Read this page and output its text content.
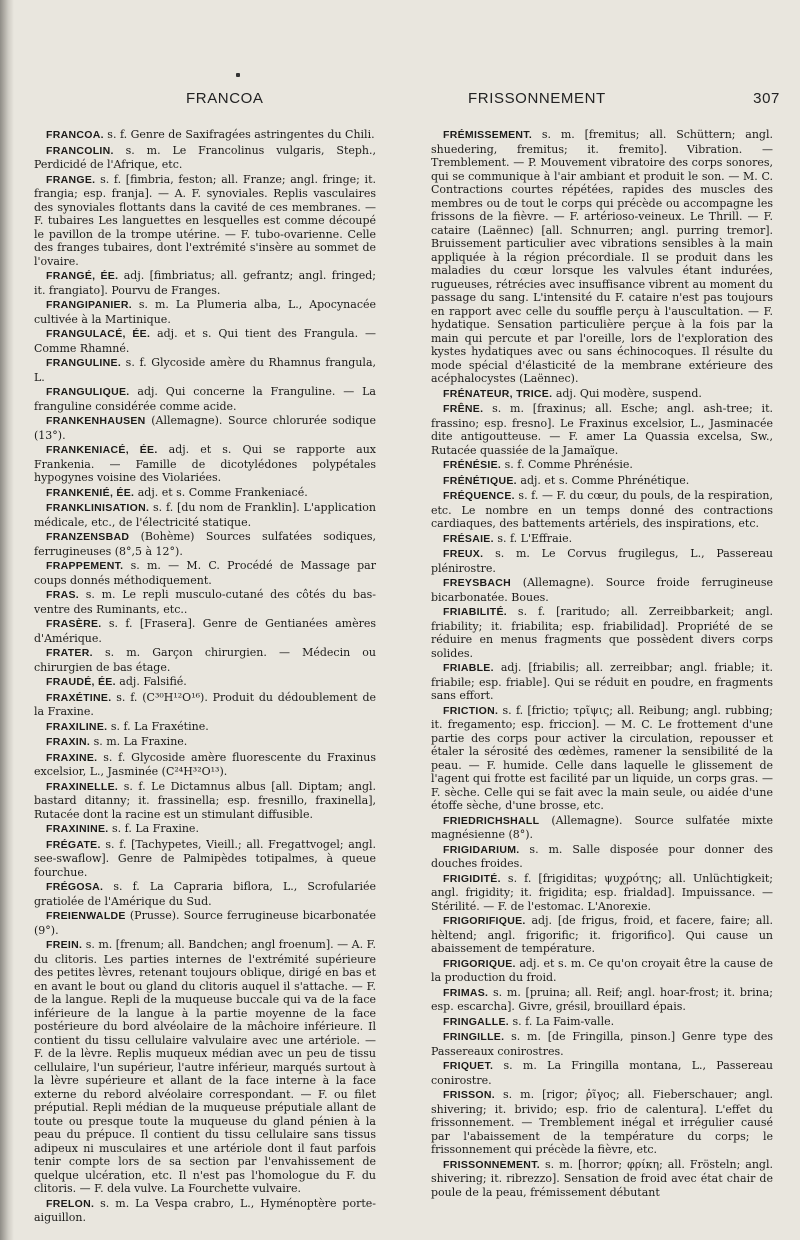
FRANCOA	FRISSONNEMENT	307

FRANCOA. s. f. Genre de Saxifragées astringentes du Chili.

FRANCOLIN. s. m. Le Francolinus vulgaris, Steph., Perdicidé de l'Afrique, etc.

FRANGE. s. f. [fimbria, feston; all. Franze; angl. fringe; it. frangia; esp. franja]. — A. F. synoviales. Replis vasculaires des synoviales flottants dans la cavité de ces membranes. — F. tubaires Les languettes en lesquelles est comme découpé le pavillon de la trompe utérine. — F. tubo-ovarienne. Celle des franges tubaires, dont l'extrémité s'insère au sommet de l'ovaire.

FRANGÉ, ÉE. adj. [fimbriatus; all. gefrantz; angl. fringed; it. frangiato]. Pourvu de Franges.

FRANGIPANIER. s. m. La Plumeria alba, L., Apocynacée cultivée à la Martinique.

FRANGULACÉ, ÉE. adj. et s. Qui tient des Frangula. — Comme Rhamné.

FRANGULINE. s. f. Glycoside amère du Rhamnus frangula, L.

FRANGULIQUE. adj. Qui concerne la Franguline. — La franguline considérée comme acide.

FRANKENHAUSEN (Allemagne). Source chlorurée sodique (13°).

FRANKENIACÉ, ÉE. adj. et s. Qui se rapporte aux Frankenia. — Famille de dicotylédones polypétales hypogynes voisine des Violariées.

FRANKENIÉ, ÉE. adj. et s. Comme Frankeniacé.

FRANKLINISATION. s. f. [du nom de Franklin]. L'application médicale, etc., de l'électricité statique.

FRANZENSBAD (Bohème) Sources sulfatées sodiques, ferrugineuses (8°,5 à 12°).

FRAPPEMENT. s. m. — M. C. Procédé de Massage par coups donnés méthodiquement.

FRAS. s. m. Le repli musculo-cutané des côtés du bas-ventre des Ruminants, etc..

FRASÈRE. s. f. [Frasera]. Genre de Gentianées amères d'Amérique.

FRATER. s. m. Garçon chirurgien. — Médecin ou chirurgien de bas étage.

FRAUDÉ, ÉE. adj. Falsifié.

FRAXÉTINE. s. f. (C³⁰H¹²O¹⁶). Produit du dédoublement de la Fraxine.

FRAXILINE. s. f. La Fraxétine.

FRAXIN. s. m. La Fraxine.

FRAXINE. s. f. Glycoside amère fluorescente du Fraxinus excelsior, L., Jasminée (C²⁴H³²O¹³).

FRAXINELLE. s. f. Le Dictamnus albus [all. Diptam; angl. bastard ditanny; it. frassinella; esp. fresnillo, fraxinella], Rutacée dont la racine est un stimulant diffusible.

FRAXININE. s. f. La Fraxine.

FRÉGATE. s. f. [Tachypetes, Vieill.; all. Fregattvogel; angl. see-swaflow]. Genre de Palmipèdes totipalmes, à queue fourchue.

FRÉGOSA. s. f. La Capraria biflora, L., Scrofulariée gratiolée de l'Amérique du Sud.

FREIENWALDE (Prusse). Source ferrugineuse bicarbonatée (9°).

FREIN. s. m. [frenum; all. Bandchen; angl froenum]. — A. F. du clitoris. Les parties internes de l'extrémité supérieure des petites lèvres, retenant toujours oblique, dirigé en bas et en avant le bout ou gland du clitoris auquel il s'attache. — F. de la langue. Repli de la muqueuse buccale qui va de la face inférieure de la langue à la partie moyenne de la face postérieure du bord alvéolaire de la mâchoire inférieure. Il contient du tissu cellulaire valvulaire avec une artériole. — F. de la lèvre. Replis muqueux médian avec un peu de tissu cellulaire, l'un supérieur, l'autre inférieur, marqués surtout à la lèvre supérieure et allant de la face interne à la face externe du rebord alvéolaire correspondant. — F. ou filet préputial. Repli médian de la muqueuse préputiale allant de toute ou presque toute la muqueuse du gland pénien à la peau du prépuce. Il contient du tissu cellulaire sans tissus adipeux ni musculaires et une artériole dont il faut parfois tenir compte lors de sa section par l'envahissement de quelque ulcération, etc. Il n'est pas l'homologue du F. du clitoris. — F. dela vulve. La Fourchette vulvaire.

FRELON. s. m. La Vespa crabro, L., Hyménoptère porte-aiguillon.

FRÉMISSEMENT. s. m. [fremitus; all. Schüttern; angl. shuedering, fremitus; it. fremito]. Vibration. — Tremblement. — P. Mouvement vibratoire des corps sonores, qui se communique à l'air ambiant et produit le son. — M. C. Contractions courtes répétées, rapides des muscles des membres ou de tout le corps qui précède ou accompagne les frissons de la fièvre. — F. artérioso-veineux. Le Thrill. — F. cataire (Laënnec) [all. Schnurren; angl. purring tremor]. Bruissement particulier avec vibrations sensibles à la main appliquée à la région précordiale. Il se produit dans les maladies du cœur lorsque les valvules étant indurées, rugueuses, rétrécies avec insuffisance vibrent au moment du passage du sang. L'intensité du F. cataire n'est pas toujours en rapport avec celle du souffle perçu à l'auscultation. — F. hydatique. Sensation particulière perçue à la fois par la main qui percute et par l'oreille, lors de l'exploration des kystes hydatiques avec ou sans échinocoques. Il résulte du mode spécial d'élasticité de la membrane extérieure des acéphalocystes (Laënnec).

FRÉNATEUR, TRICE. adj. Qui modère, suspend.

FRÊNE. s. m. [fraxinus; all. Esche; angl. ash-tree; it. frassino; esp. fresno]. Le Fraxinus excelsior, L., Jasminacée dite antigoutteuse. — F. amer La Quassia excelsa, Sw., Rutacée quassiée de la Jamaïque.

FRÉNÉSIE. s. f. Comme Phrénésie.

FRÉNÉTIQUE. adj. et s. Comme Phrénétique.

FRÉQUENCE. s. f. — F. du cœur, du pouls, de la respiration, etc. Le nombre en un temps donné des contractions cardiaques, des battements artériels, des inspirations, etc.

FRÉSAIE. s. f. L'Effraie.

FREUX. s. m. Le Corvus frugilegus, L., Passereau plénirostre.

FREYSBACH (Allemagne). Source froide ferrugineuse bicarbonatée. Boues.

FRIABILITÉ. s. f. [raritudo; all. Zerreibbarkeit; angl. friability; it. friabilita; esp. friabilidad]. Propriété de se réduire en menus fragments que possèdent divers corps solides.

FRIABLE. adj. [friabilis; all. zerreibbar; angl. friable; it. friabile; esp. friable]. Qui se réduit en poudre, en fragments sans effort.

FRICTION. s. f. [frictio; τρῖψις; all. Reibung; angl. rubbing; it. fregamento; esp. friccion]. — M. C. Le frottement d'une partie des corps pour activer la circulation, repousser et étaler la sérosité des œdèmes, ramener la sensibilité de la peau. — F. humide. Celle dans laquelle le glissement de l'agent qui frotte est facilité par un liquide, un corps gras. — F. sèche. Celle qui se fait avec la main seule, ou aidée d'une étoffe sèche, d'une brosse, etc.

FRIEDRICHSHALL (Allemagne). Source sulfatée mixte magnésienne (8°).

FRIGIDARIUM. s. m. Salle disposée pour donner des douches froides.

FRIGIDITÉ. s. f. [frigiditas; ψυχρότης; all. Unlüchtigkeit; angl. frigidity; it. frigidita; esp. frialdad]. Impuissance. — Stérilité. — F. de l'estomac. L'Anorexie.

FRIGORIFIQUE. adj. [de frigus, froid, et facere, faire; all. hèltend; angl. frigorific; it. frigorifico]. Qui cause un abaissement de température.

FRIGORIQUE. adj. et s. m. Ce qu'on croyait être la cause de la production du froid.

FRIMAS. s. m. [pruina; all. Reif; angl. hoar-frost; it. brina; esp. escarcha]. Givre, grésil, brouillard épais.

FRINGALLE. s. f. La Faim-valle.

FRINGILLE. s. m. [de Fringilla, pinson.] Genre type des Passereaux conirostres.

FRIQUET. s. m. La Fringilla montana, L., Passereau conirostre.

FRISSON. s. m. [rigor; ῥῖγος; all. Fieberschauer; angl. shivering; it. brivido; esp. frio de calentura]. L'effet du frissonnement. — Tremblement inégal et irrégulier causé par l'abaissement de la température du corps; le frissonnement qui précède la fièvre, etc.

FRISSONNEMENT. s. m. [horror; φρίκη; all. Frösteln; angl. shivering; it. ribrezzo]. Sensation de froid avec état chair de poule de la peau, frémissement débutant
